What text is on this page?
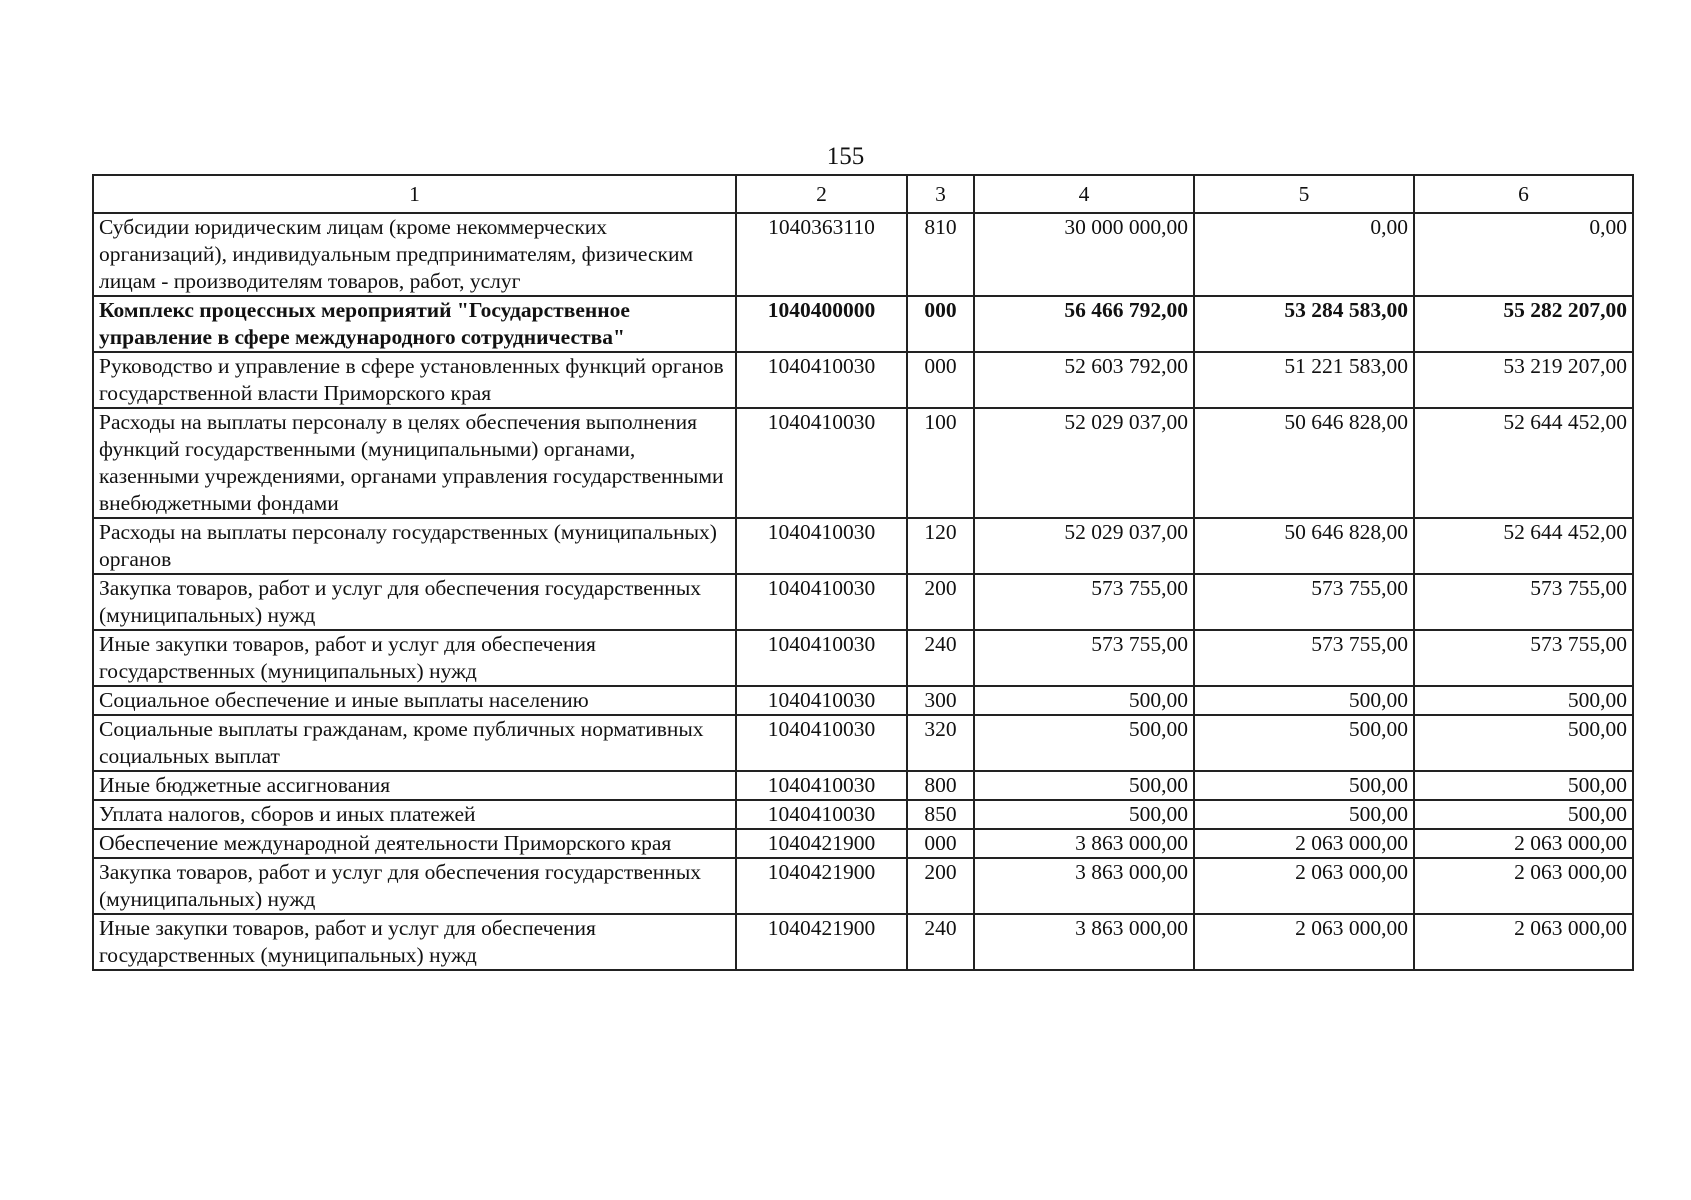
155
1	2	3	4	5	6
Субсидии юридическим лицам (кроме некоммерческих организаций), индивидуальным предпринимателям, физическим лицам - производителям товаров, работ, услуг	1040363110	810	30 000 000,00	0,00	0,00
Комплекс процессных мероприятий "Государственное управление в сфере международного сотрудничества"	1040400000	000	56 466 792,00	53 284 583,00	55 282 207,00
Руководство и управление в сфере установленных функций органов государственной власти Приморского края	1040410030	000	52 603 792,00	51 221 583,00	53 219 207,00
Расходы на выплаты персоналу в целях обеспечения выполнения функций государственными (муниципальными) органами, казенными учреждениями, органами управления государственными внебюджетными фондами	1040410030	100	52 029 037,00	50 646 828,00	52 644 452,00
Расходы на выплаты персоналу государственных (муниципальных) органов	1040410030	120	52 029 037,00	50 646 828,00	52 644 452,00
Закупка товаров, работ и услуг для обеспечения государственных (муниципальных) нужд	1040410030	200	573 755,00	573 755,00	573 755,00
Иные закупки товаров, работ и услуг для обеспечения государственных (муниципальных) нужд	1040410030	240	573 755,00	573 755,00	573 755,00
Социальное обеспечение и иные выплаты населению	1040410030	300	500,00	500,00	500,00
Социальные выплаты гражданам, кроме публичных нормативных социальных выплат	1040410030	320	500,00	500,00	500,00
Иные бюджетные ассигнования	1040410030	800	500,00	500,00	500,00
Уплата налогов, сборов и иных платежей	1040410030	850	500,00	500,00	500,00
Обеспечение международной деятельности Приморского края	1040421900	000	3 863 000,00	2 063 000,00	2 063 000,00
Закупка товаров, работ и услуг для обеспечения государственных (муниципальных) нужд	1040421900	200	3 863 000,00	2 063 000,00	2 063 000,00
Иные закупки товаров, работ и услуг для обеспечения государственных (муниципальных) нужд	1040421900	240	3 863 000,00	2 063 000,00	2 063 000,00
